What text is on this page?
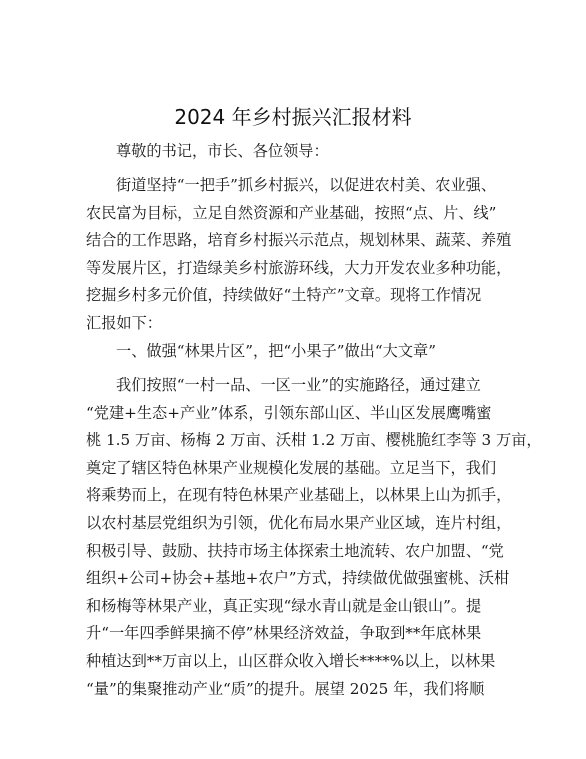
2024 年乡村振兴汇报材料
尊敬的书记，市长、各位领导：
街道坚持“一把手”抓乡村振兴，以促进农村美、农业强、
农民富为目标，立足自然资源和产业基础，按照“点、片、线”
结合的工作思路，培育乡村振兴示范点，规划林果、蔬菜、养殖
等发展片区，打造绿美乡村旅游环线，大力开发农业多种功能，
挖掘乡村多元价值，持续做好“土特产”文章。现将工作情况
汇报如下：
一、做强“林果片区”，把“小果子”做出“大文章”
我们按照“一村一品、一区一业”的实施路径，通过建立
“党建+生态+产业”体系，引领东部山区、半山区发展鹰嘴蜜
桃 1.5 万亩、杨梅 2 万亩、沃柑 1.2 万亩、樱桃脆红李等 3 万亩，
奠定了辖区特色林果产业规模化发展的基础。立足当下，我们
将乘势而上，在现有特色林果产业基础上，以林果上山为抓手，
以农村基层党组织为引领，优化布局水果产业区域，连片村组，
积极引导、鼓励、扶持市场主体探索土地流转、农户加盟、“党
组织+公司+协会+基地+农户”方式，持续做优做强蜜桃、沃柑
和杨梅等林果产业，真正实现“绿水青山就是金山银山”。提
升“一年四季鲜果摘不停”林果经济效益，争取到**年底林果
种植达到**万亩以上，山区群众收入增长****%以上，以林果
“量”的集聚推动产业“质”的提升。展望 2025 年，我们将顺
